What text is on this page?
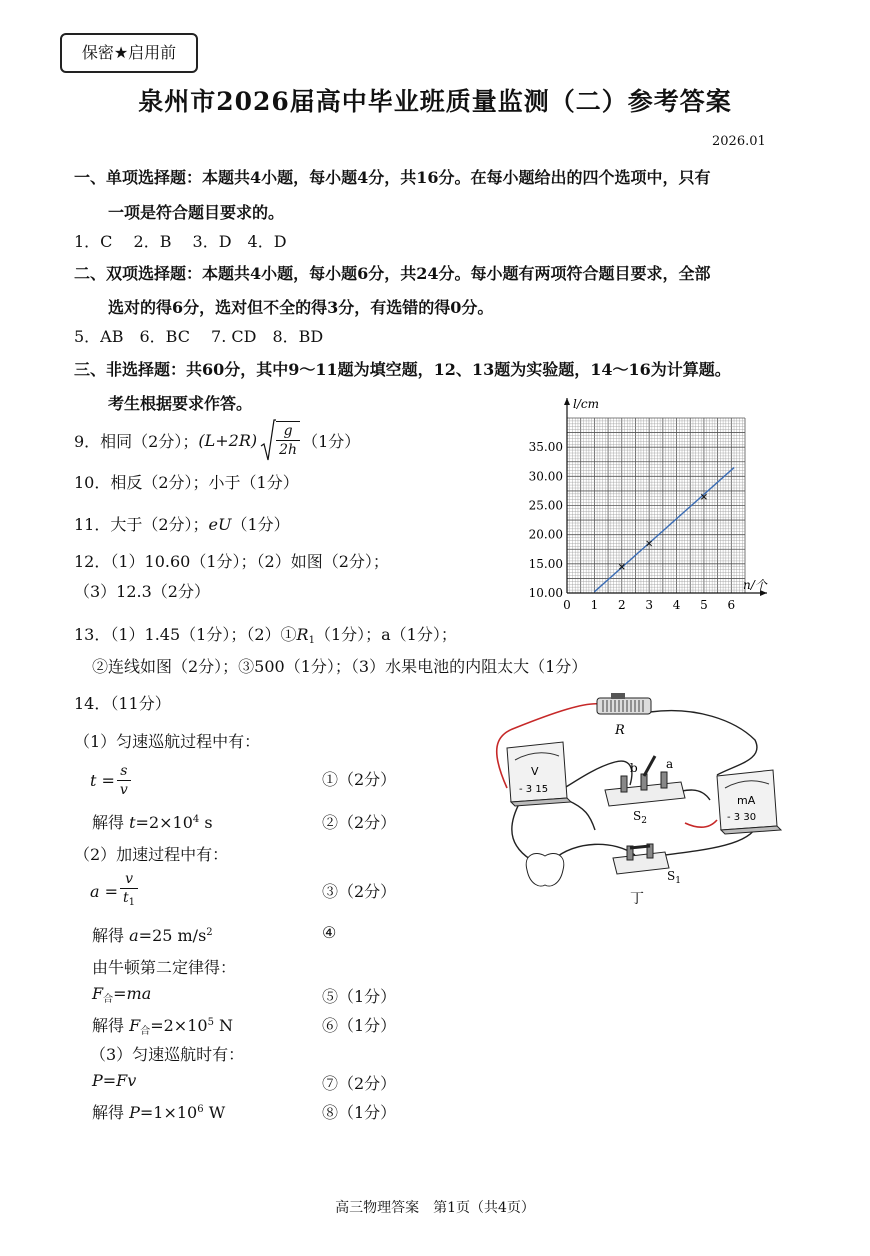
保密★启用前
泉州市2026届高中毕业班质量监测（二）参考答案
2026.01
一、单项选择题：本题共4小题，每小题4分，共16分。在每小题给出的四个选项中，只有
一项是符合题目要求的。
1．C　 2．B　 3．D　4．D
二、双项选择题：本题共4小题，每小题6分，共24分。每小题有两项符合题目要求，全部
选对的得6分，选对但不全的得3分，有选错的得0分。
5．AB　6．BC　 7. CD　8．BD
三、非选择题：共60分，其中9～11题为填空题，12、13题为实验题，14～16为计算题。
考生根据要求作答。
9．相同（2分）； $(L+2R) \frac{g}{2h} (1$分）
10．相反（2分）；小于（1分）
11．大于（2分）；eU（1分）
12．（1）10.60（1分）；（2）如图（2分）；
（3）12.3（2分）
13．（1）1.45（1分）；$(2)①R_1(1$分）；a（1分）；
②连线如图（2分）；③500（1分）；（3）水果电池的内阻太大（1分）
14．（11分）
（1）匀速巡航过程中有：
$t = \frac{s}{v}$	①（2分）
解得 $t=2\times 10^4$ s	②（2分）
（2）加速过程中有：
$a = \frac{v}{t_1}$	③（2分）
解得 a=25 $m/s^2$	④
由牛顿第二定律得：
$F_合=ma$	⑤（1分）
解得 $F_合=2\times 10^5$ N	⑥（1分）
（3）匀速巡航时有：
P=Fv	⑦（2分）
解得 $P=1\times 10^6$ W	⑧（1分）
0 1 2 3 4 5 6
10.00
15.00
20.00
25.00
30.00
35.00
l/cm
n/个
R
V
- 3 15
b a
$S_2$
mA
- 3 30
$S_1$
丁
高三物理答案　第1页（共4页）
